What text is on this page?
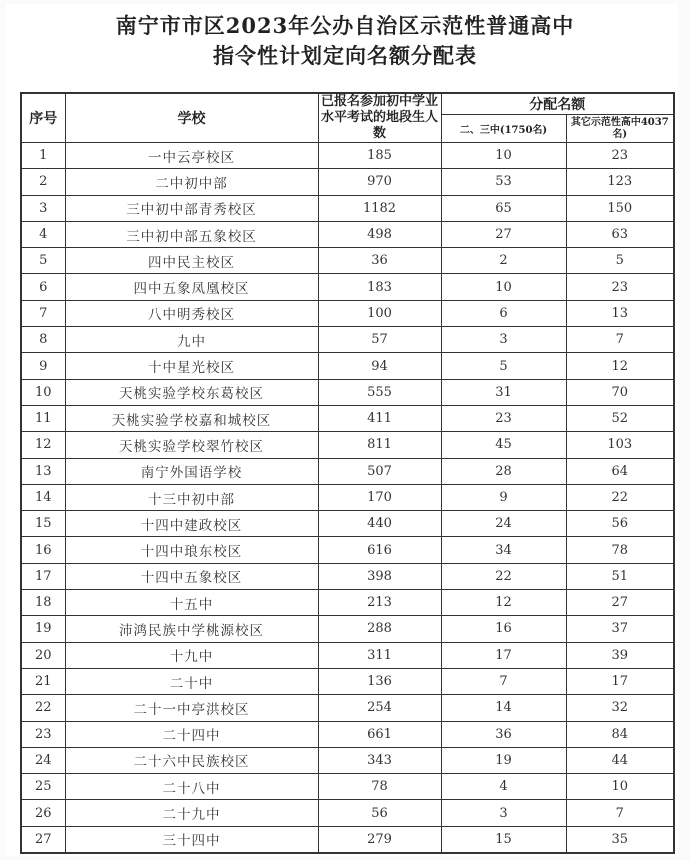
南宁市市区2023年公办自治区示范性普通高中
指令性计划定向名额分配表
序号	学校	已报名参加初中学业水平考试的地段生人数	分配名额	
			二、三中(1750名)	其它示范性高中4037名)
1	一中云亭校区	185	10	23
2	二中初中部	970	53	123
3	三中初中部青秀校区	1182	65	150
4	三中初中部五象校区	498	27	63
5	四中民主校区	36	2	5
6	四中五象凤凰校区	183	10	23
7	八中明秀校区	100	6	13
8	九中	57	3	7
9	十中星光校区	94	5	12
10	天桃实验学校东葛校区	555	31	70
11	天桃实验学校嘉和城校区	411	23	52
12	天桃实验学校翠竹校区	811	45	103
13	南宁外国语学校	507	28	64
14	十三中初中部	170	9	22
15	十四中建政校区	440	24	56
16	十四中琅东校区	616	34	78
17	十四中五象校区	398	22	51
18	十五中	213	12	27
19	沛鸿民族中学桃源校区	288	16	37
20	十九中	311	17	39
21	二十中	136	7	17
22	二十一中亭洪校区	254	14	32
23	二十四中	661	36	84
24	二十六中民族校区	343	19	44
25	二十八中	78	4	10
26	二十九中	56	3	7
27	三十四中	279	15	35
